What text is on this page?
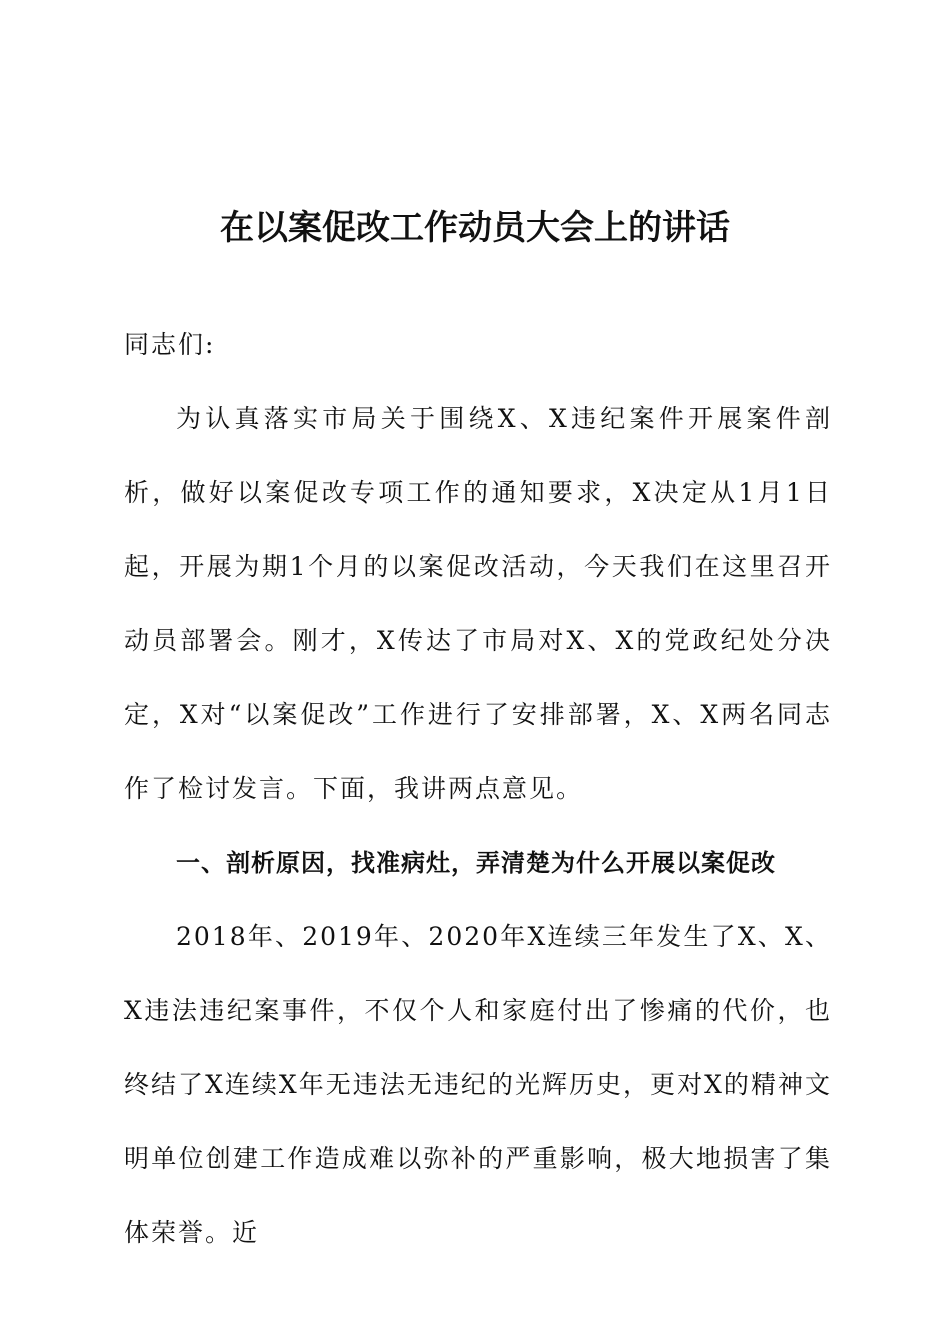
在以案促改工作动员大会上的讲话

同志们:

为认真落实市局关于围绕X、X违纪案件开展案件剖析，做好以案促改专项工作的通知要求，X决定从1月1日起，开展为期1个月的以案促改活动，今天我们在这里召开动员部署会。刚才，X传达了市局对X、X的党政纪处分决定，X对“以案促改”工作进行了安排部署，X、X两名同志作了检讨发言。下面，我讲两点意见。

一、剖析原因，找准病灶，弄清楚为什么开展以案促改

2018年、2019年、2020年X连续三年发生了X、X、X违法违纪案事件，不仅个人和家庭付出了惨痛的代价，也终结了X连续X年无违法无违纪的光辉历史，更对X的精神文明单位创建工作造成难以弥补的严重影响，极大地损害了集体荣誉。近
